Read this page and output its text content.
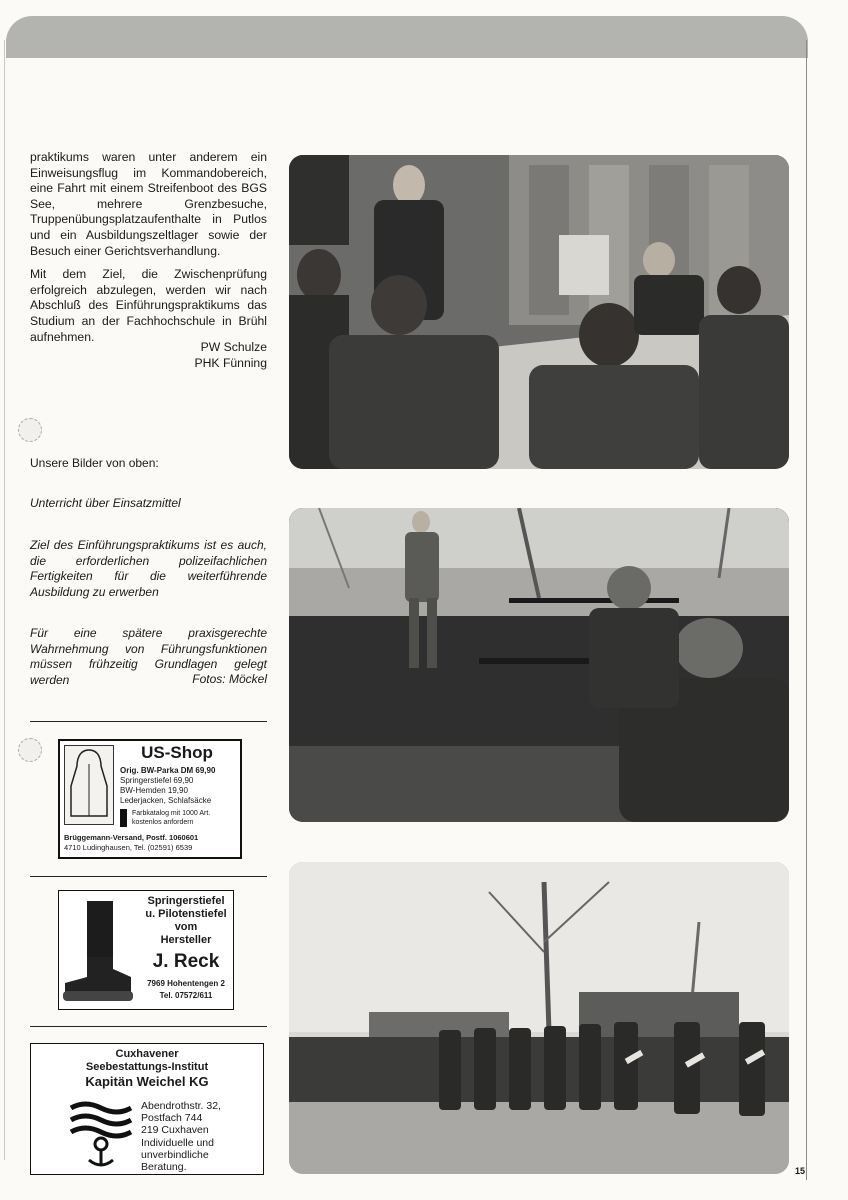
praktikums waren unter anderem ein Einweisungsflug im Kommandobereich, eine Fahrt mit einem Streifenboot des BGS See, mehrere Grenzbesuche, Truppenübungsplatzaufenthalte in Putlos und ein Ausbildungszeltlager sowie der Besuch einer Gerichtsverhandlung.

Mit dem Ziel, die Zwischenprüfung erfolgreich abzulegen, werden wir nach Abschluß des Einführungspraktikums das Studium an der Fachhochschule in Brühl aufnehmen.

PW Schulze
PHK Fünning
Unsere Bilder von oben:
Unterricht über Einsatzmittel
Ziel des Einführungspraktikums ist es auch, die erforderlichen polizeifachlichen Fertigkeiten für die weiterführende Ausbildung zu erwerben
Für eine spätere praxisgerechte Wahrnehmung von Führungsfunktionen müssen frühzeitig Grundlagen gelegt werden	Fotos: Möckel
US-Shop
Orig. BW-Parka DM 69,90
Springerstiefel 69,90
BW-Hemden 19,90
Lederjacken, Schlafsäcke
Farbkatalog mit 1000 Art.
kostenlos anfordern
Brüggemann-Versand, Postf. 1060601
4710 Ludinghausen, Tel. (02591) 6539
Springerstiefel
u. Pilotenstiefel
vom
Hersteller
J. Reck
7969 Hohentengen 2
Tel. 07572/611
Cuxhavener
Seebestattungs-Institut
Kapitän Weichel KG
Abendrothstr. 32,
Postfach 744
219 Cuxhaven
Individuelle und
unverbindliche
Beratung.	15
